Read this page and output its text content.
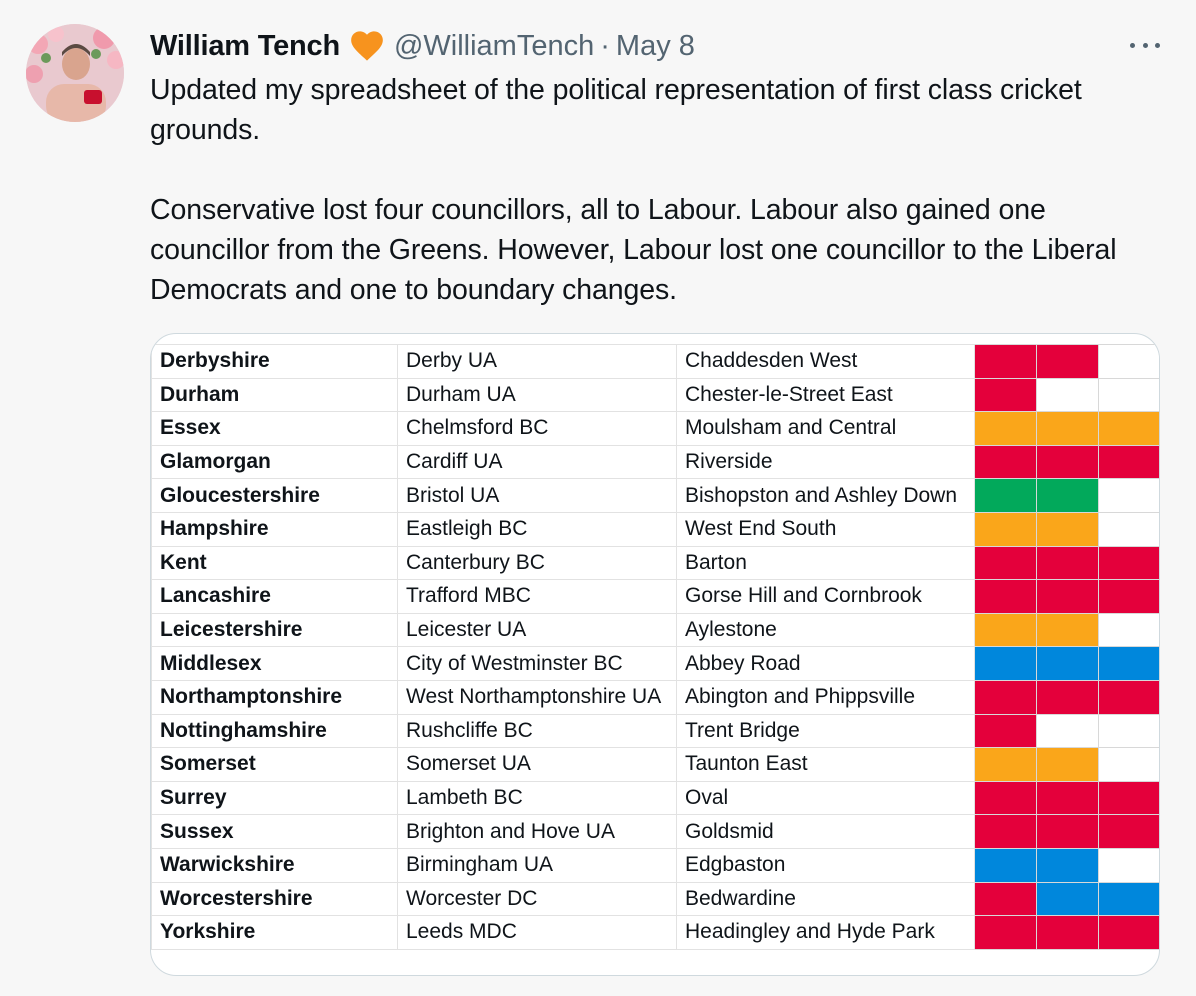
William Tench @WilliamTench · May 8

Updated my spreadsheet of the political representation of first class cricket grounds.

Conservative lost four councillors, all to Labour. Labour also gained one councillor from the Greens. However, Labour lost one councillor to the Liberal Democrats and one to boundary changes.

Derbyshire	Derby UA	Chaddesden West			
Durham	Durham UA	Chester-le-Street East			
Essex	Chelmsford BC	Moulsham and Central			
Glamorgan	Cardiff UA	Riverside			
Gloucestershire	Bristol UA	Bishopston and Ashley Down			
Hampshire	Eastleigh BC	West End South			
Kent	Canterbury BC	Barton			
Lancashire	Trafford MBC	Gorse Hill and Cornbrook			
Leicestershire	Leicester UA	Aylestone			
Middlesex	City of Westminster BC	Abbey Road			
Northamptonshire	West Northamptonshire UA	Abington and Phippsville			
Nottinghamshire	Rushcliffe BC	Trent Bridge			
Somerset	Somerset UA	Taunton East			
Surrey	Lambeth BC	Oval			
Sussex	Brighton and Hove UA	Goldsmid			
Warwickshire	Birmingham UA	Edgbaston			
Worcestershire	Worcester DC	Bedwardine			
Yorkshire	Leeds MDC	Headingley and Hyde Park			
